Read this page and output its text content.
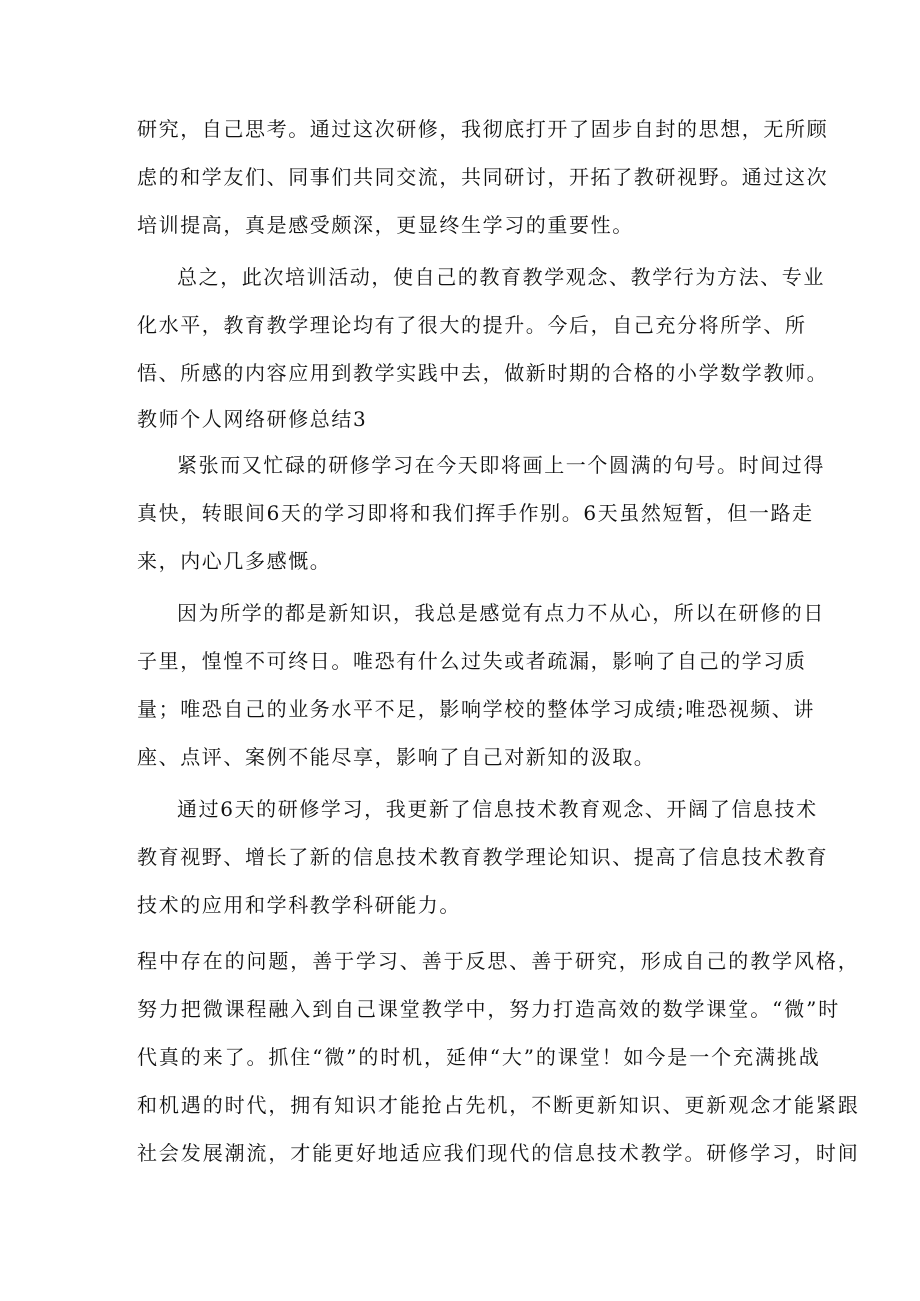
研究，自己思考。通过这次研修，我彻底打开了固步自封的思想，无所顾
虑的和学友们、同事们共同交流，共同研讨，开拓了教研视野。通过这次
培训提高，真是感受颇深，更显终生学习的重要性。
总之，此次培训活动，使自己的教育教学观念、教学行为方法、专业
化水平，教育教学理论均有了很大的提升。今后，自己充分将所学、所
悟、所感的内容应用到教学实践中去，做新时期的合格的小学数学教师。
教师个人网络研修总结3
紧张而又忙碌的研修学习在今天即将画上一个圆满的句号。时间过得
真快，转眼间6天的学习即将和我们挥手作别。6天虽然短暂，但一路走
来，内心几多感慨。
因为所学的都是新知识，我总是感觉有点力不从心，所以在研修的日
子里，惶惶不可终日。唯恐有什么过失或者疏漏，影响了自己的学习质
量；唯恐自己的业务水平不足，影响学校的整体学习成绩;唯恐视频、讲
座、点评、案例不能尽享，影响了自己对新知的汲取。
通过6天的研修学习，我更新了信息技术教育观念、开阔了信息技术
教育视野、增长了新的信息技术教育教学理论知识、提高了信息技术教育
技术的应用和学科教学科研能力。
程中存在的问题，善于学习、善于反思、善于研究，形成自己的教学风格，
努力把微课程融入到自己课堂教学中，努力打造高效的数学课堂。“微”时
代真的来了。抓住“微”的时机，延伸“大”的课堂！如今是一个充满挑战
和机遇的时代，拥有知识才能抢占先机，不断更新知识、更新观念才能紧跟
社会发展潮流，才能更好地适应我们现代的信息技术教学。研修学习，时间
